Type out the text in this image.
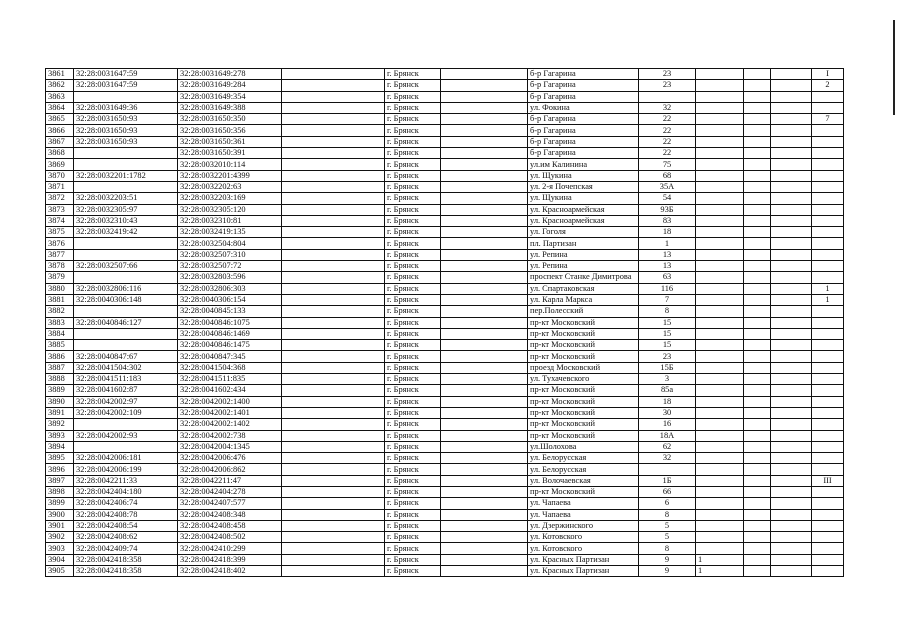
3861	32:28:0031647:59	32:28:0031649:278		г. Брянск		б-р Гагарина	23				I
3862	32:28:0031647:59	32:28:0031649:284		г. Брянск		б-р Гагарина	23				2
3863		32:28:0031649:354		г. Брянск		б-р Гагарина					
3864	32:28:0031649:36	32:28:0031649:388		г. Брянск		ул. Фокина	32				
3865	32:28:0031650:93	32:28:0031650:350		г. Брянск		б-р Гагарина	22				7
3866	32:28:0031650:93	32:28:0031650:356		г. Брянск		б-р Гагарина	22				
3867	32:28:0031650:93	32:28:0031650:361		г. Брянск		б-р Гагарина	22				
3868		32:28:0031650:391		г. Брянск		б-р Гагарина	22				
3869		32:28:0032010:114		г. Брянск		ул.им Калинина	75				
3870	32:28:0032201:1782	32:28:0032201:4399		г. Брянск		ул. Щукина	68				
3871		32:28:0032202:63		г. Брянск		ул. 2-я Почепская	35А				
3872	32:28:0032203:51	32:28:0032203:169		г. Брянск		ул. Щукина	54				
3873	32:28:0032305:97	32:28:0032305:120		г. Брянск		ул. Красноармейская	93Б				
3874	32:28:0032310:43	32:28:0032310:81		г. Брянск		ул. Красноармейская	83				
3875	32:28:0032419:42	32:28:0032419:135		г. Брянск		ул. Гоголя	18				
3876		32:28:0032504:804		г. Брянск		пл. Партизан	1				
3877		32:28:0032507:310		г. Брянск		ул. Репина	13				
3878	32:28:0032507:66	32:28:0032507:72		г. Брянск		ул. Репина	13				
3879		32:28:0032803:596		г. Брянск		проспект Станке Димитрова	63				
3880	32:28:0032806:116	32:28:0032806:303		г. Брянск		ул. Спартаковская	116				1
3881	32:28:0040306:148	32:28:0040306:154		г. Брянск		ул. Карла Маркса	7				1
3882		32:28:0040845:133		г. Брянск		пер.Полесский	8				
3883	32:28:0040846:127	32:28:0040846:1075		г. Брянск		пр-кт Московский	15				
3884		32:28:0040846:1469		г. Брянск		пр-кт Московский	15				
3885		32:28:0040846:1475		г. Брянск		пр-кт Московский	15				
3886	32:28:0040847:67	32:28:0040847:345		г. Брянск		пр-кт Московский	23				
3887	32:28:0041504:302	32:28:0041504:368		г. Брянск		проезд Московский	15Б				
3888	32:28:0041511:183	32:28:0041511:835		г. Брянск		ул. Тухачевского	3				
3889	32:28:0041602:87	32:28:0041602:434		г. Брянск		пр-кт Московский	85а				
3890	32:28:0042002:97	32:28:0042002:1400		г. Брянск		пр-кт Московский	18				
3891	32:28:0042002:109	32:28:0042002:1401		г. Брянск		пр-кт Московский	30				
3892		32:28:0042002:1402		г. Брянск		пр-кт Московский	16				
3893	32:28:0042002:93	32:28:0042002:738		г. Брянск		пр-кт Московский	18А				
3894		32:28:0042004:1345		г. Брянск		ул.Шолохова	62				
3895	32:28:0042006:181	32:28:0042006:476		г. Брянск		ул. Белорусская	32				
3896	32:28:0042006:199	32:28:0042006:862		г. Брянск		ул. Белорусская					
3897	32:28:0042211:33	32:28:0042211:47		г. Брянск		ул. Волочаевская	1Б				III
3898	32:28:0042404:180	32:28:0042404:278		г. Брянск		пр-кт Московский	66				
3899	32:28:0042406:74	32:28:0042407:577		г. Брянск		ул. Чапаева	6				
3900	32:28:0042408:78	32:28:0042408:348		г. Брянск		ул. Чапаева	8				
3901	32:28:0042408:54	32:28:0042408:458		г. Брянск		ул. Дзержинского	5				
3902	32:28:0042408:62	32:28:0042408:502		г. Брянск		ул. Котовского	5				
3903	32:28:0042409:74	32:28:0042410:299		г. Брянск		ул. Котовского	8				
3904	32:28:0042418:358	32:28:0042418:399		г. Брянск		ул. Красных Партизан	9	1			
3905	32:28:0042418:358	32:28:0042418:402		г. Брянск		ул. Красных Партизан	9	1			
